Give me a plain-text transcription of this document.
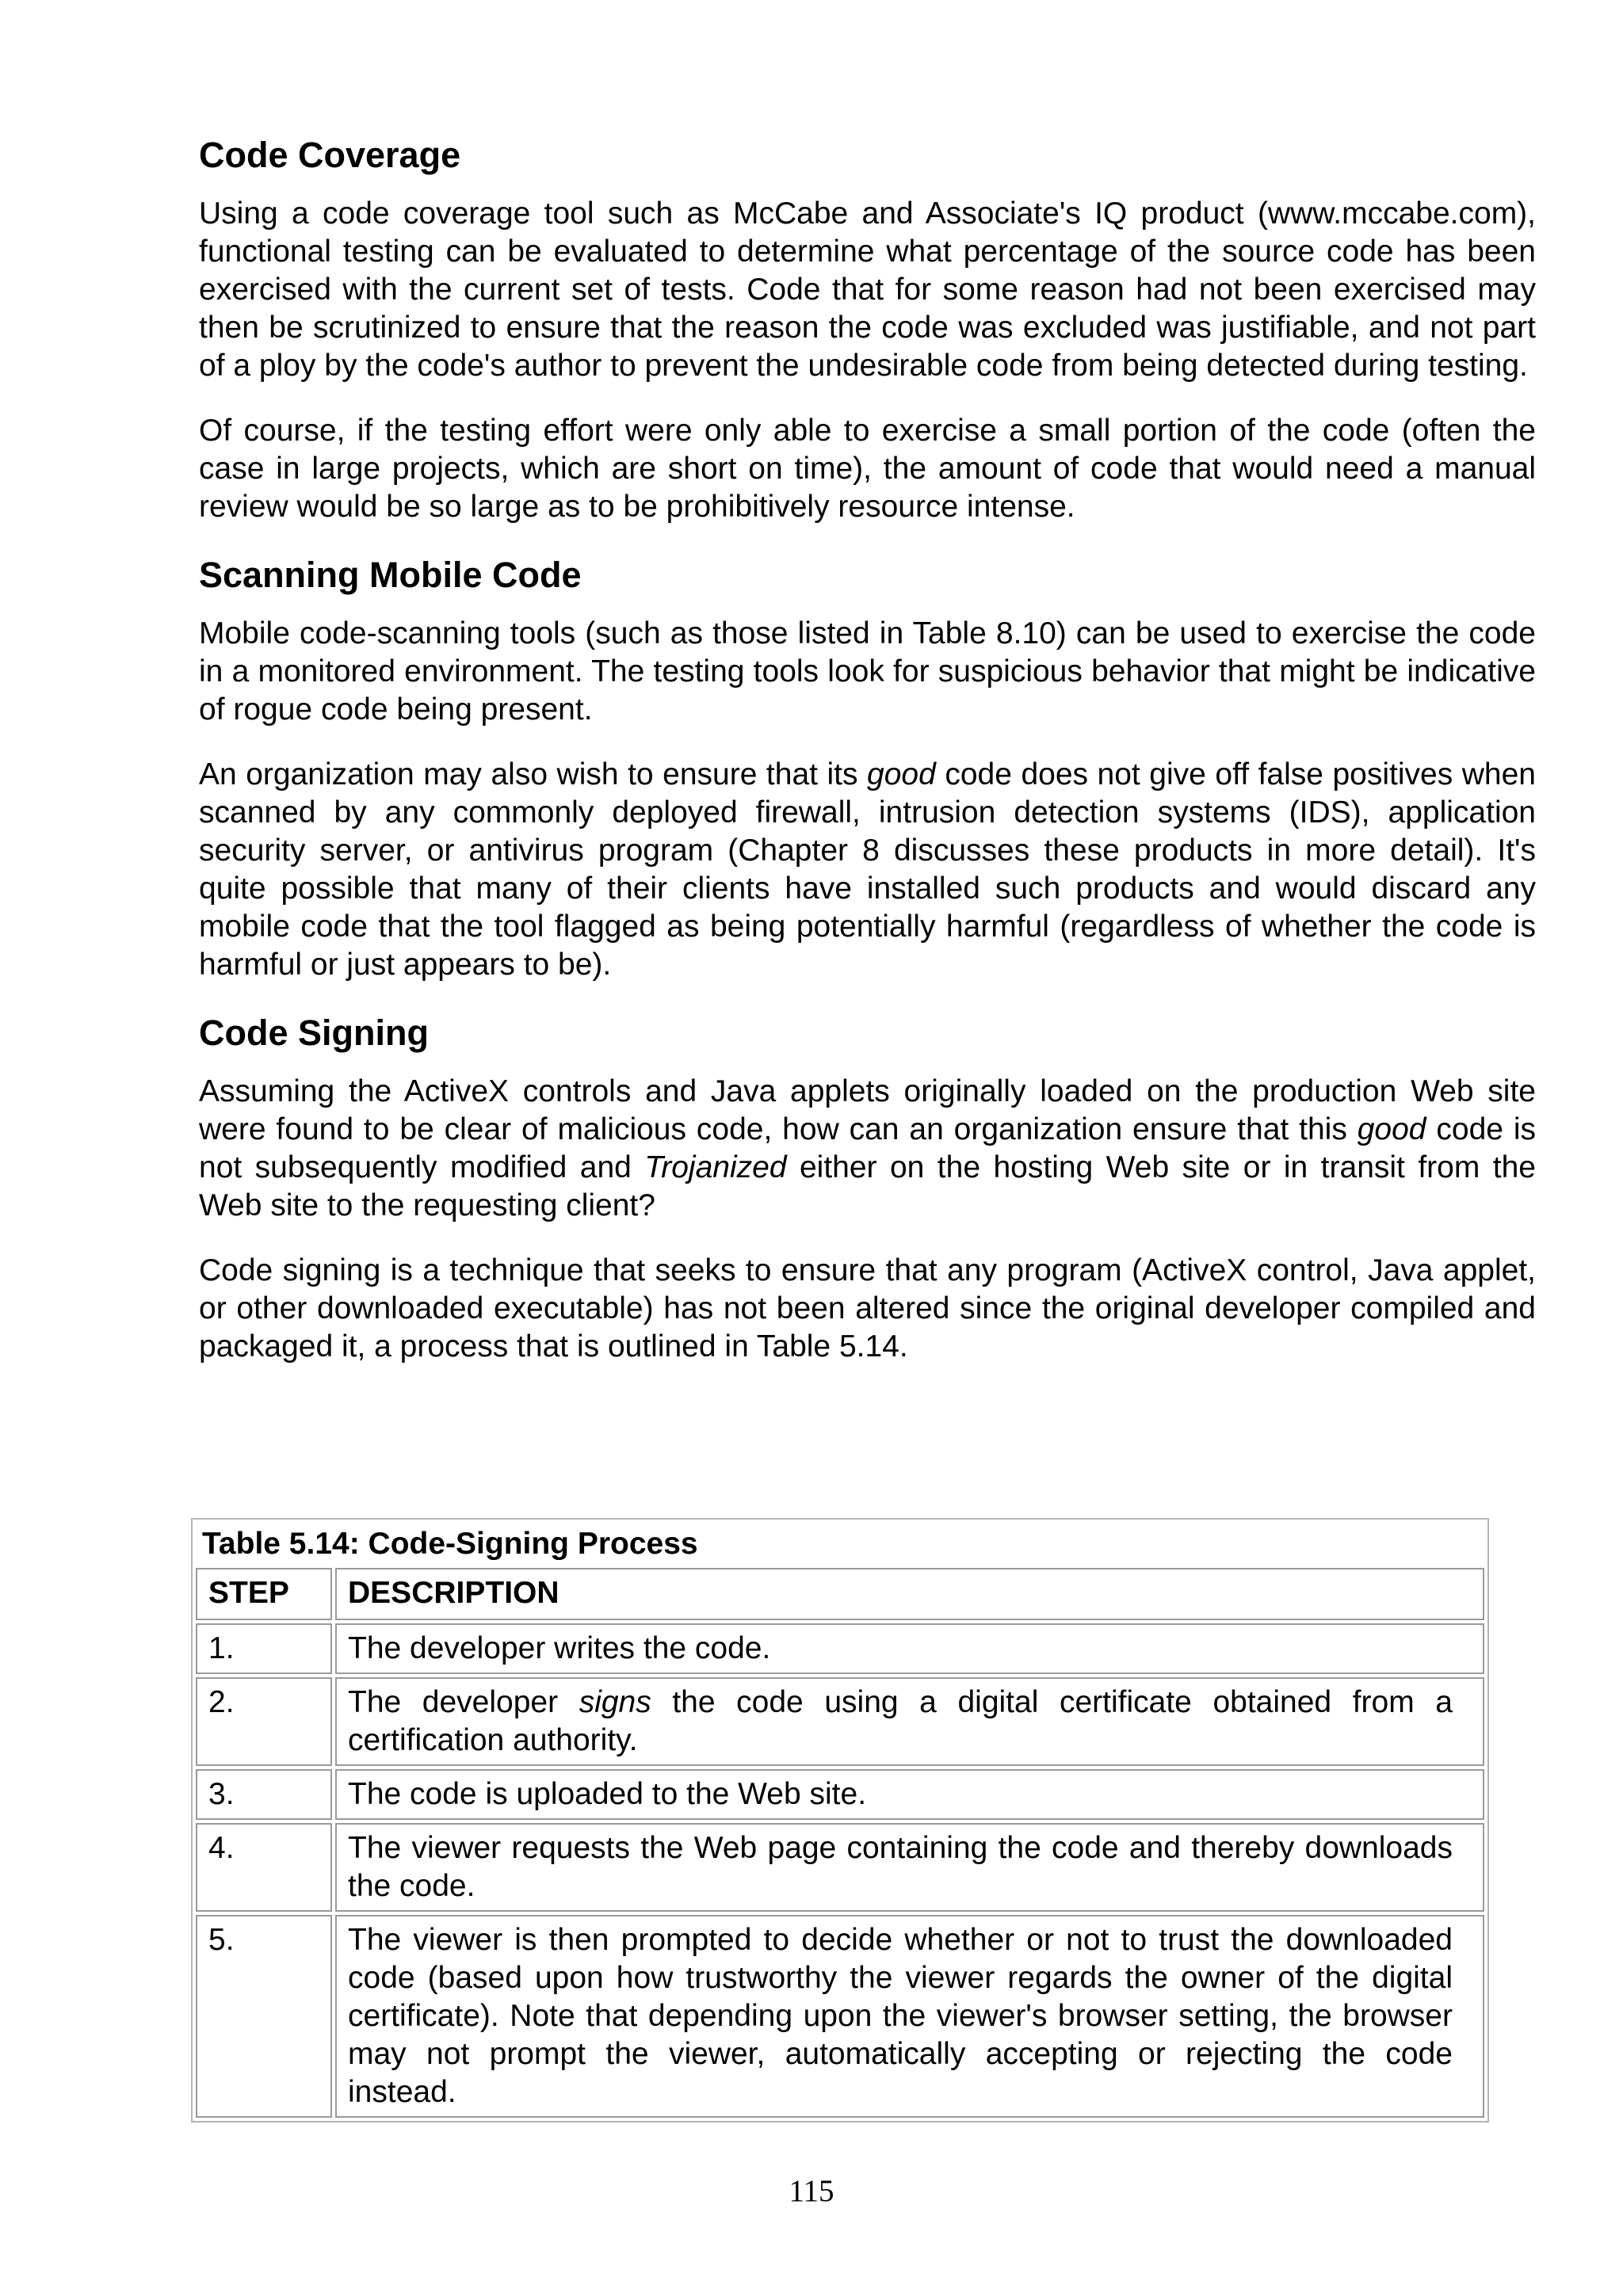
Code Coverage

Using a code coverage tool such as McCabe and Associate's IQ product (www.mccabe.com), functional testing can be evaluated to determine what percentage of the source code has been exercised with the current set of tests. Code that for some reason had not been exercised may then be scrutinized to ensure that the reason the code was excluded was justifiable, and not part of a ploy by the code's author to prevent the undesirable code from being detected during testing.

Of course, if the testing effort were only able to exercise a small portion of the code (often the case in large projects, which are short on time), the amount of code that would need a manual review would be so large as to be prohibitively resource intense.

Scanning Mobile Code

Mobile code-scanning tools (such as those listed in Table 8.10) can be used to exercise the code in a monitored environment. The testing tools look for suspicious behavior that might be indicative of rogue code being present.

An organization may also wish to ensure that its good code does not give off false positives when scanned by any commonly deployed firewall, intrusion detection systems (IDS), application security server, or antivirus program (Chapter 8 discusses these products in more detail). It's quite possible that many of their clients have installed such products and would discard any mobile code that the tool flagged as being potentially harmful (regardless of whether the code is harmful or just appears to be).

Code Signing

Assuming the ActiveX controls and Java applets originally loaded on the production Web site were found to be clear of malicious code, how can an organization ensure that this good code is not subsequently modified and Trojanized either on the hosting Web site or in transit from the Web site to the requesting client?

Code signing is a technique that seeks to ensure that any program (ActiveX control, Java applet, or other downloaded executable) has not been altered since the original developer compiled and packaged it, a process that is outlined in Table 5.14.

Table 5.14: Code-Signing Process
STEP	DESCRIPTION
1.	The developer writes the code.
2.	The developer signs the code using a digital certificate obtained from a certification authority.
3.	The code is uploaded to the Web site.
4.	The viewer requests the Web page containing the code and thereby downloads the code.
5.	The viewer is then prompted to decide whether or not to trust the downloaded code (based upon how trustworthy the viewer regards the owner of the digital certificate). Note that depending upon the viewer's browser setting, the browser may not prompt the viewer, automatically accepting or rejecting the code instead.
115
